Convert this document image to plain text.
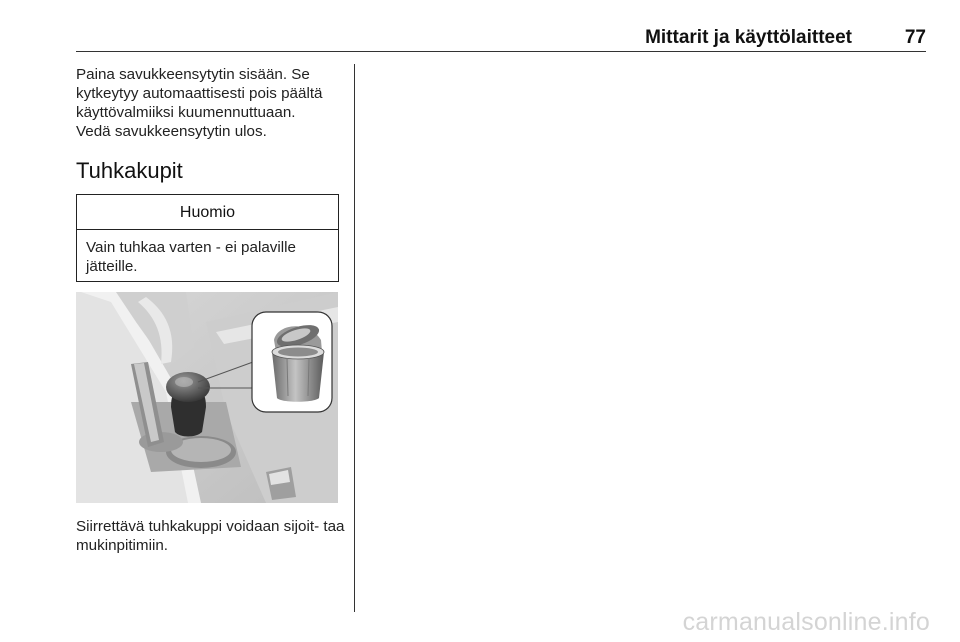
Mittarit ja käyttölaitteet	77
Paina savukkeensytytin sisään. Se kytkeytyy automaattisesti pois päältä käyttövalmiiksi kuumennuttuaan.
Vedä savukkeensytytin ulos.
Tuhkakupit
Huomio
Vain tuhkaa varten - ei palaville jätteille.
Siirrettävä tuhkakuppi voidaan sijoit- taa mukinpitimiin.
carmanualsonline.info
